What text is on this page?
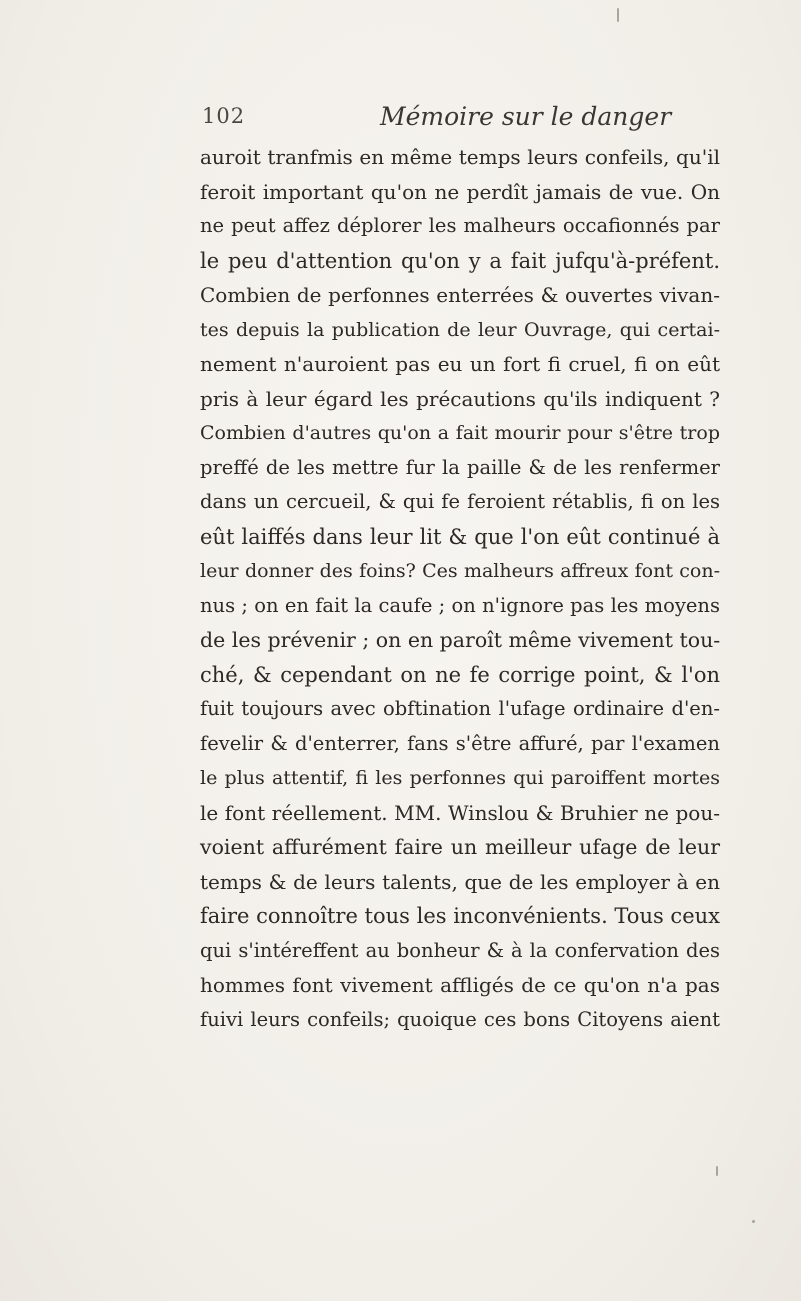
102	Mémoire sur le danger
auroit tranfmis en même temps leurs confeils, qu'il
feroit important qu'on ne perdît jamais de vue. On
ne peut affez déplorer les malheurs occafionnés par
le peu d'attention qu'on y a fait jufqu'à-préfent.
Combien de perfonnes enterrées & ouvertes vivan-
tes depuis la publication de leur Ouvrage, qui certai-
nement n'auroient pas eu un fort fi cruel, fi on eût
pris à leur égard les précautions qu'ils indiquent ?
Combien d'autres qu'on a fait mourir pour s'être trop
preffé de les mettre fur la paille & de les renfermer
dans un cercueil, & qui fe feroient rétablis, fi on les
eût laiffés dans leur lit & que l'on eût continué à
leur donner des foins? Ces malheurs affreux font con-
nus ; on en fait la caufe ; on n'ignore pas les moyens
de les prévenir ; on en paroît même vivement tou-
ché, & cependant on ne fe corrige point, & l'on
fuit toujours avec obftination l'ufage ordinaire d'en-
fevelir & d'enterrer, fans s'être affuré, par l'examen
le plus attentif, fi les perfonnes qui paroiffent mortes
le font réellement. MM. Winslou & Bruhier ne pou-
voient affurément faire un meilleur ufage de leur
temps & de leurs talents, que de les employer à en
faire connoître tous les inconvénients. Tous ceux
qui s'intéreffent au bonheur & à la confervation des
hommes font vivement affligés de ce qu'on n'a pas
fuivi leurs confeils; quoique ces bons Citoyens aient
